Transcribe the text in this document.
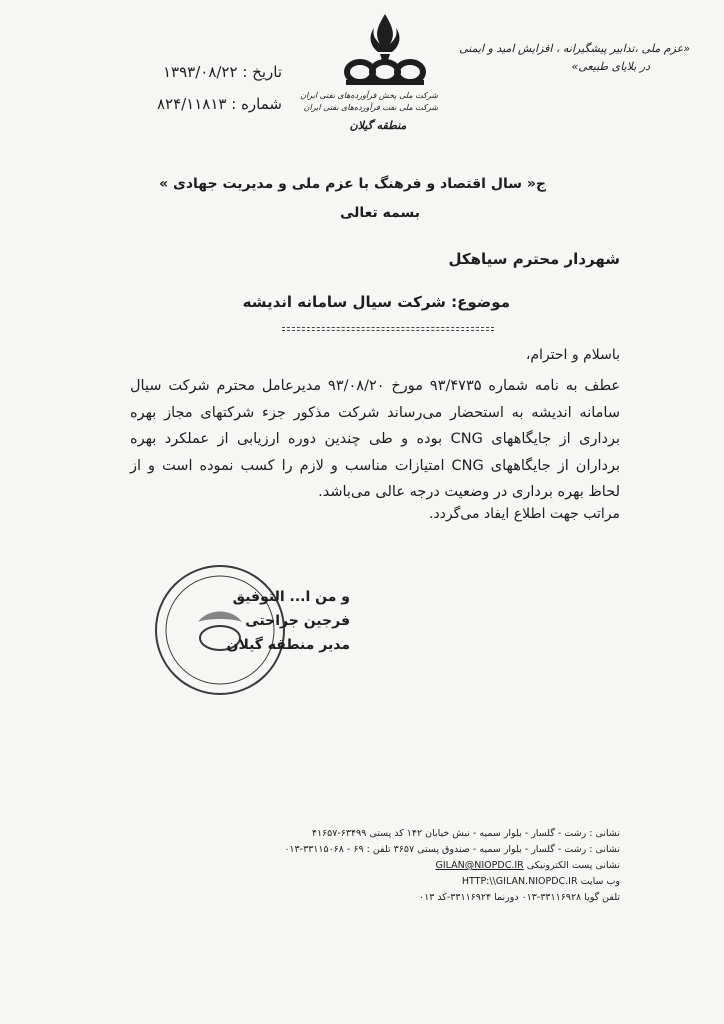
تاریخ : ۱۳۹۳/۰۸/۲۲
شماره : ۸۲۴/۱۱۸۱۳	شرکت ملی پخش فرآورده‌های نفتی ایران
شرکت ملی نفت فرآورده‌های نفتی ایران
منطقه گیلان
«عزم ملی ،تدابیر پیشگیرانه ، افزایش امید و ایمنی
در بلایای طبیعی»
ج« سال اقتصاد و فرهنگ با عزم ملی و مدیریت جهادی »
بسمه تعالی
شهردار محترم سیاهکل
موضوع: شرکت سیال سامانه اندیشه
باسلام و احترام،
عطف به نامه شماره ۹۳/۴۷۳۵ مورخ ۹۳/۰۸/۲۰ مدیرعامل محترم شرکت سیال سامانه اندیشه به استحضار می‌رساند شرکت مذکور جزء شرکتهای مجاز بهره برداری از جایگاههای CNG بوده و طی چندین دوره ارزیابی از عملکرد بهره برداران از جایگاههای CNG امتیازات مناسب و لازم را کسب نموده است و از لحاظ بهره برداری در وضعیت درجه عالی می‌باشد.
مراتب جهت اطلاع ایفاد می‌گردد.
و من ا... التوفیق
فرجین جراحتی
مدیر منطقه گیلان
نشانی : رشت - گلسار - بلوار سمیه - نبش خیابان ۱۴۲ کد پستی ۶۳۴۹۹-۴۱۶۵۷
نشانی : رشت - گلسار - بلوار سمیه - صندوق پستی ۳۶۵۷ تلفن : ۶۹ - ۳۳۱۱۵۰۶۸-۰۱۳
نشانی پست الکترونیکی GILAN@NIOPDC.IR
وب سایت HTTP:\\GILAN.NIOPDC.IR
تلفن گویا ۳۳۱۱۶۹۲۸-۰۱۳ دورنما ۳۳۱۱۶۹۲۴-کد ۰۱۳
